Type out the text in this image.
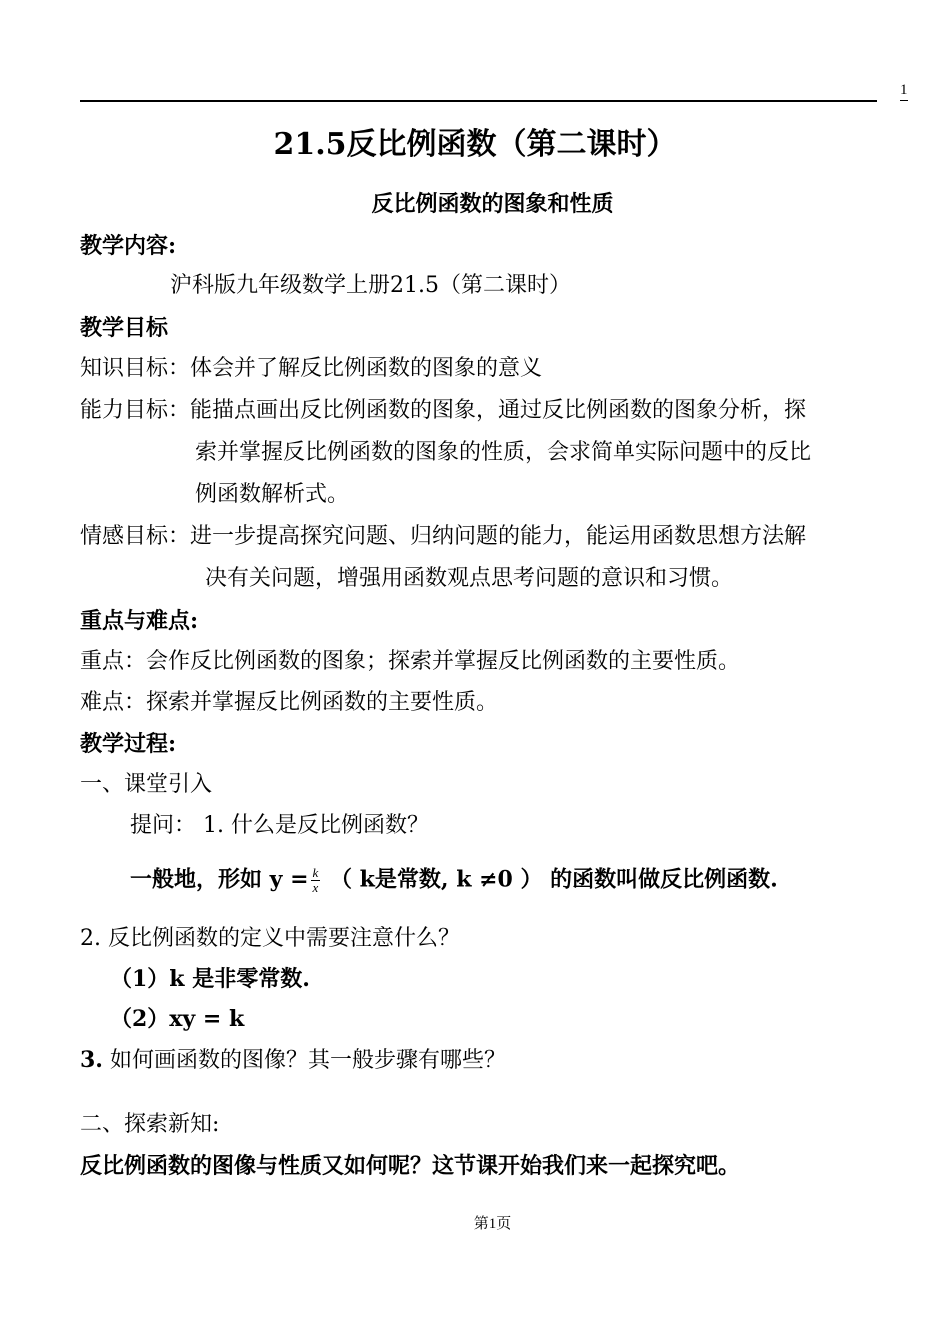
1
21.5反比例函数（第二课时）
反比例函数的图象和性质
教学内容:
沪科版九年级数学上册21.5（第二课时）
教学目标
知识目标：体会并了解反比例函数的图象的意义
能力目标：能描点画出反比例函数的图象，通过反比例函数的图象分析，探
索并掌握反比例函数的图象的性质，会求简单实际问题中的反比
例函数解析式。
情感目标：进一步提高探究问题、归纳问题的能力，能运用函数思想方法解
决有关问题，增强用函数观点思考问题的意识和习惯。
重点与难点:
重点：会作反比例函数的图象；探索并掌握反比例函数的主要性质。
难点：探索并掌握反比例函数的主要性质。
教学过程:
一、课堂引入
提问： 1. 什么是反比例函数？
一般地，形如 $y = \frac{k}{x}$ （ k是常数, k ≠0 ） 的函数叫做反比例函数.
2. 反比例函数的定义中需要注意什么？
（1）k 是非零常数.
（2）xy = k
3. 如何画函数的图像？其一般步骤有哪些？
二、探索新知:
反比例函数的图像与性质又如何呢？这节课开始我们来一起探究吧。
第1页
